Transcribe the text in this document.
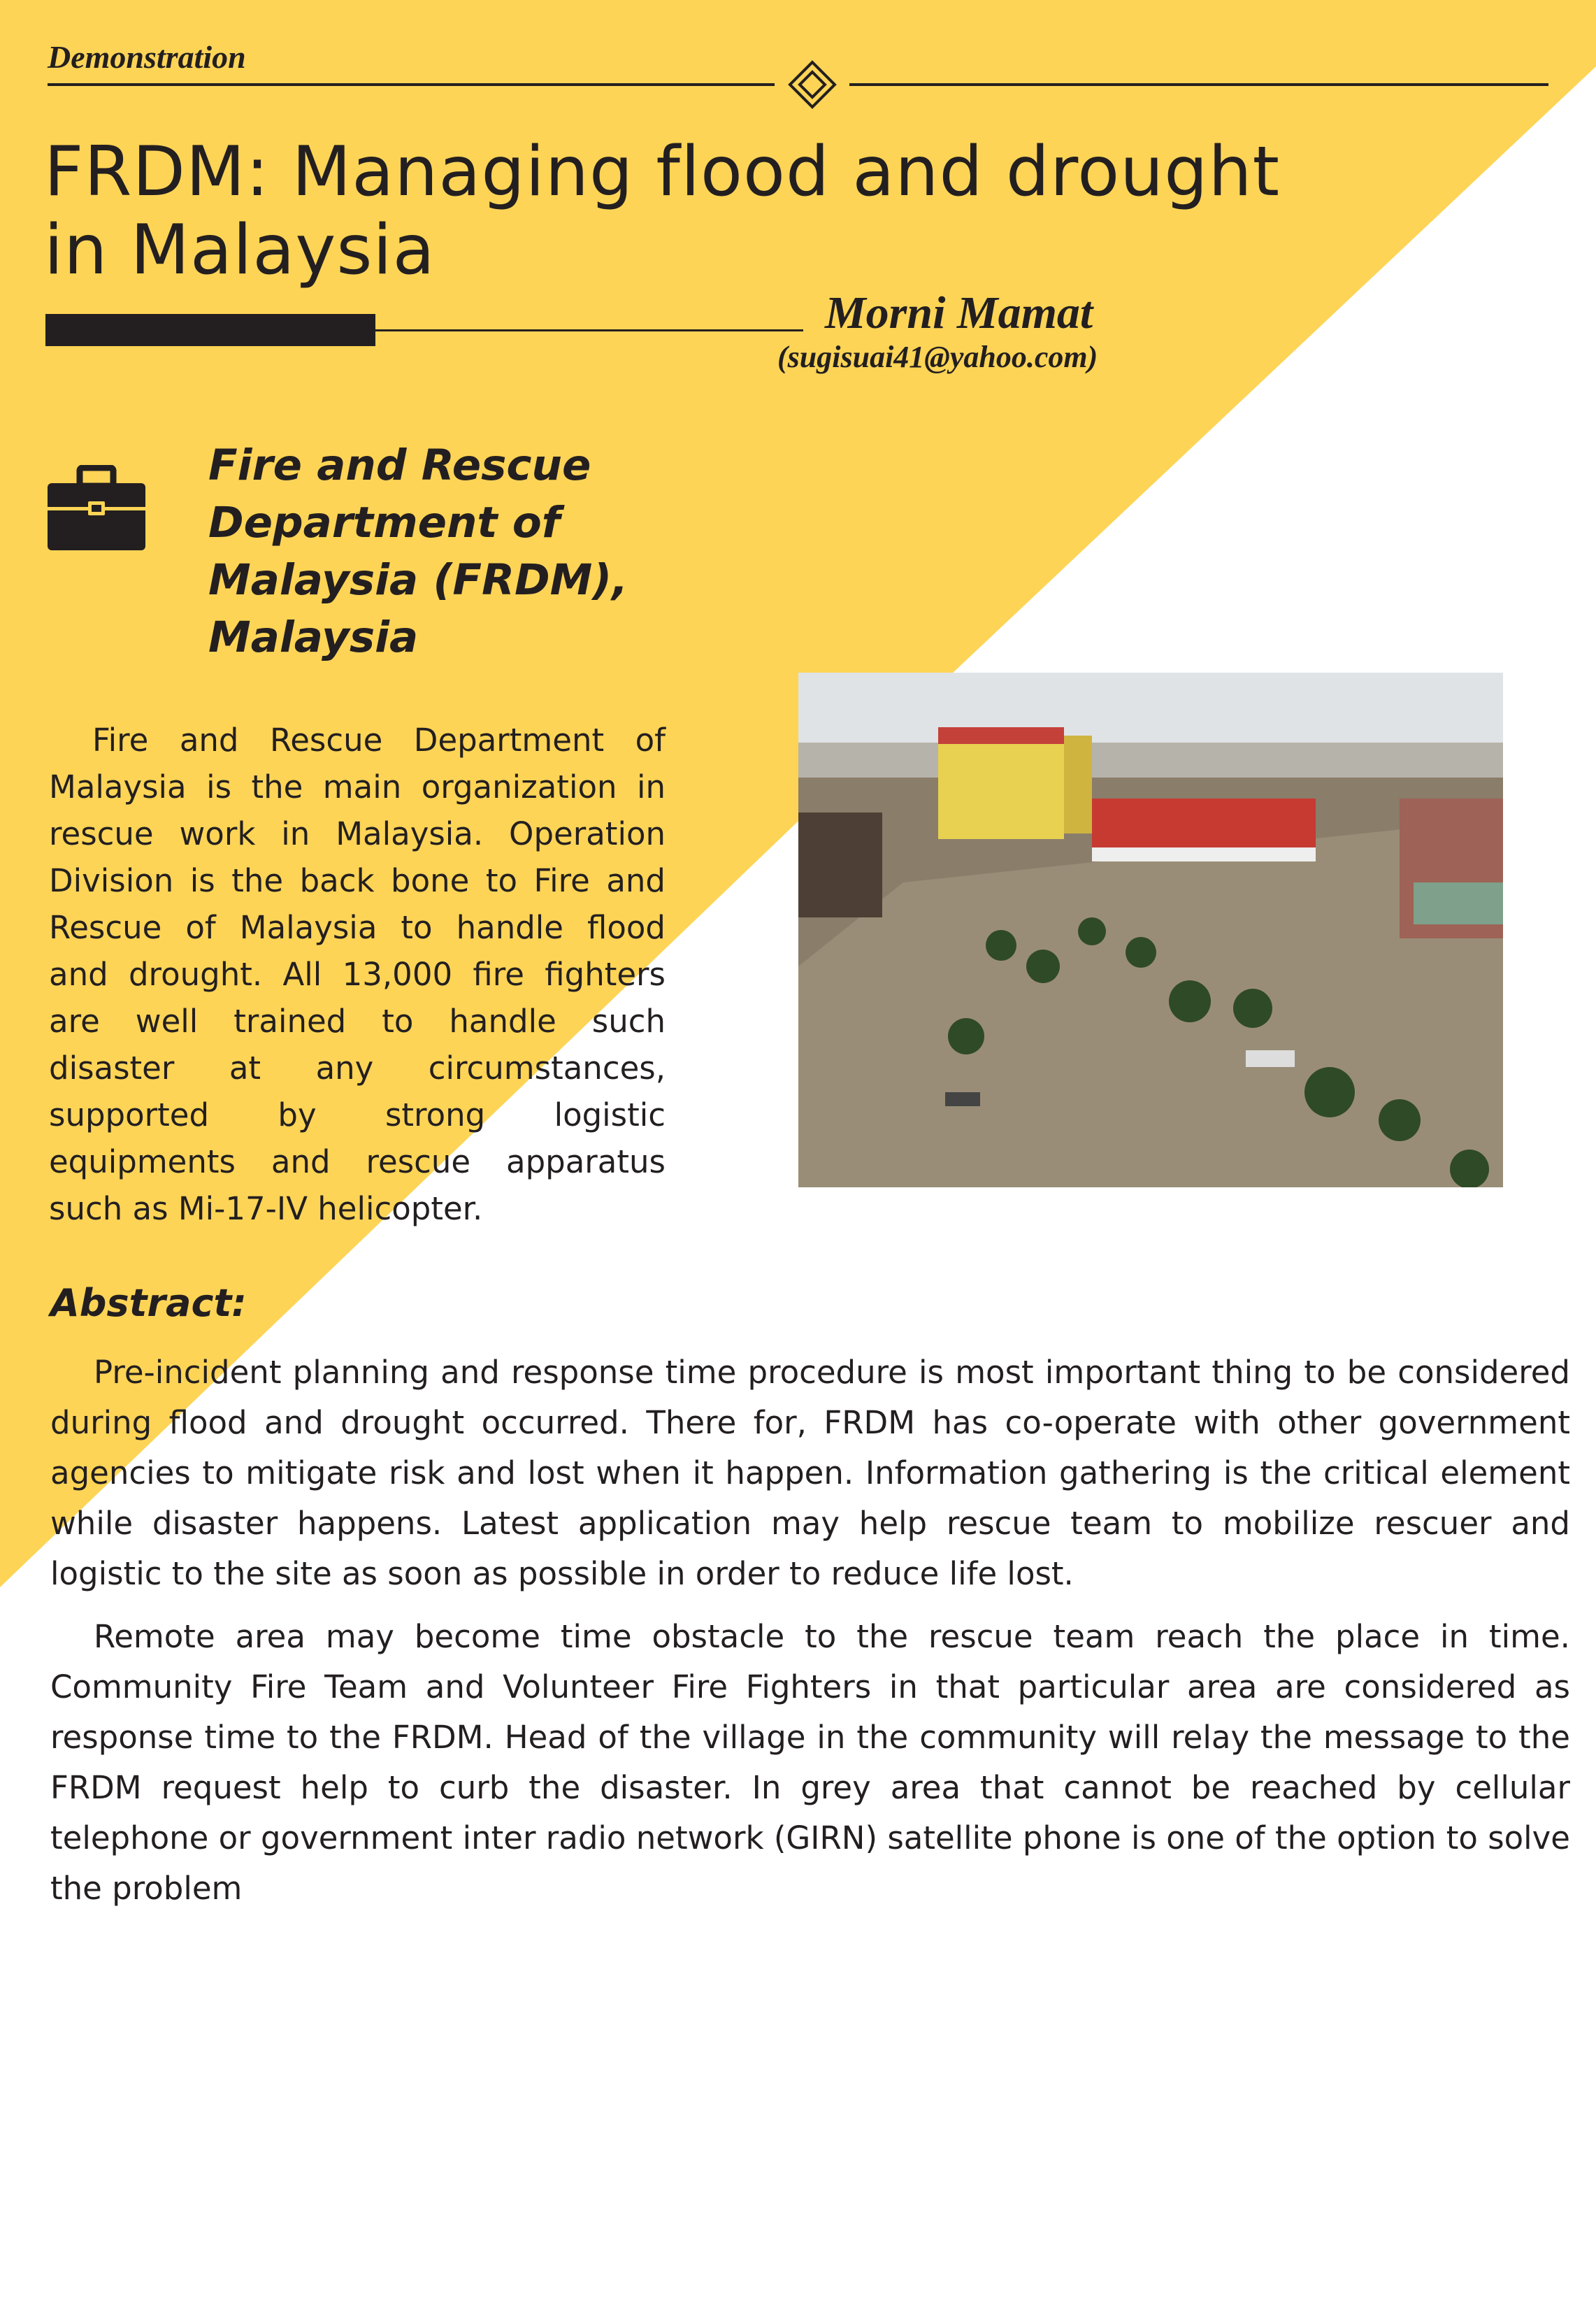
Demonstration
FRDM: Managing flood and drought in Malaysia
Morni Mamat
(sugisuai41@yahoo.com)
Fire and Rescue Department of Malaysia (FRDM), Malaysia

Fire and Rescue Department of Malaysia is the main organization in rescue work in Malaysia. Operation Division is the back bone to Fire and Rescue of Malaysia to handle flood and drought. All 13,000 fire fighters are well trained to handle such disaster at any circumstances, supported by strong logistic equipments and rescue apparatus such as Mi-17-IV helicopter.

Abstract:

Pre-incident planning and response time procedure is most important thing to be considered during flood and drought occurred. There for, FRDM has co-operate with other government agencies to mitigate risk and lost when it happen. Information gathering is the critical element while disaster happens. Latest application may help rescue team to mobilize rescuer and logistic to the site as soon as possible in order to reduce life lost.

Remote area may become time obstacle to the rescue team reach the place in time. Community Fire Team and Volunteer Fire Fighters in that particular area are considered as response time to the FRDM. Head of the village in the community will relay the message to the FRDM request help to curb the disaster. In grey area that cannot be reached by cellular telephone or government inter radio network (GIRN) satellite phone is one of the option to solve the problem
